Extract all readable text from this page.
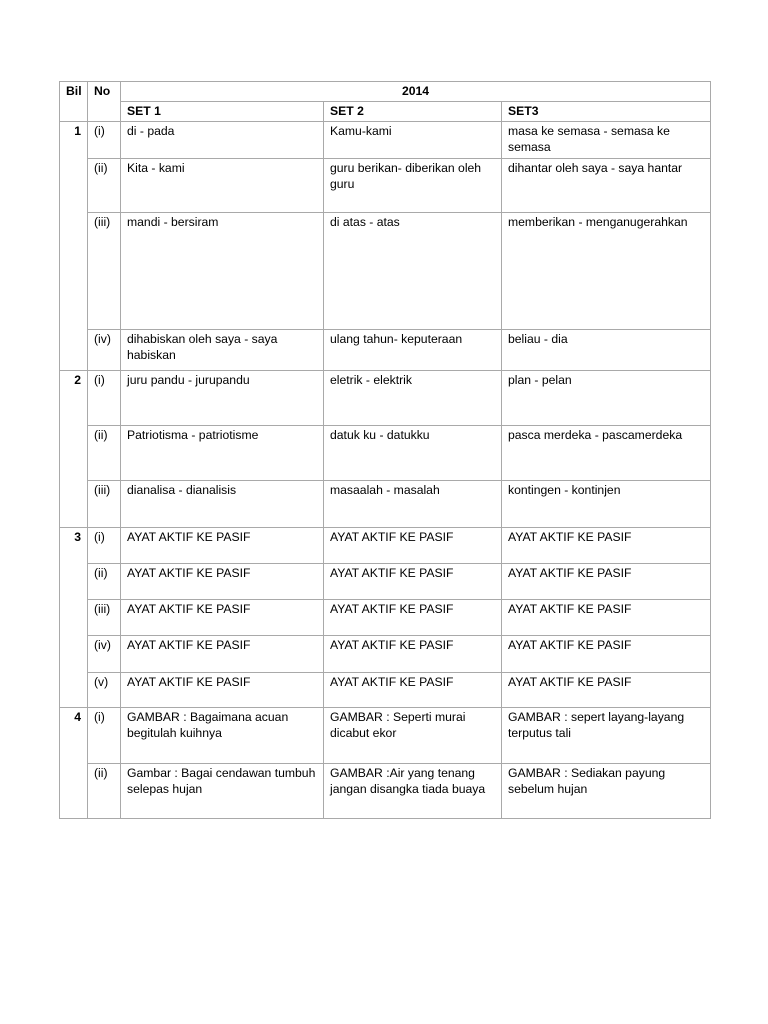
Bil	No	2014		
		SET 1	SET 2	SET3
1	(i)	di - pada	Kamu-kami	masa ke semasa - semasa ke semasa
	(ii)	Kita - kami	guru berikan- diberikan oleh guru	dihantar oleh saya - saya hantar
	(iii)	mandi - bersiram	di atas - atas	memberikan - menganugerahkan
	(iv)	dihabiskan oleh saya - saya habiskan	ulang tahun- keputeraan	beliau - dia
2	(i)	juru pandu - jurupandu	eletrik - elektrik	plan - pelan
	(ii)	Patriotisma - patriotisme	datuk ku - datukku	pasca merdeka - pascamerdeka
	(iii)	dianalisa - dianalisis	masaalah - masalah	kontingen - kontinjen
3	(i)	AYAT AKTIF KE PASIF	AYAT AKTIF KE PASIF	AYAT AKTIF KE PASIF
	(ii)	AYAT AKTIF KE PASIF	AYAT AKTIF KE PASIF	AYAT AKTIF KE PASIF
	(iii)	AYAT AKTIF KE PASIF	AYAT AKTIF KE PASIF	AYAT AKTIF KE PASIF
	(iv)	AYAT AKTIF KE PASIF	AYAT AKTIF KE PASIF	AYAT AKTIF KE PASIF
	(v)	AYAT AKTIF KE PASIF	AYAT AKTIF KE PASIF	AYAT AKTIF KE PASIF
4	(i)	GAMBAR : Bagaimana acuan begitulah kuihnya	GAMBAR : Seperti murai dicabut ekor	GAMBAR : sepert layang-layang terputus tali
	(ii)	Gambar : Bagai cendawan tumbuh selepas hujan	GAMBAR :Air yang tenang jangan disangka tiada buaya	GAMBAR : Sediakan payung sebelum hujan
